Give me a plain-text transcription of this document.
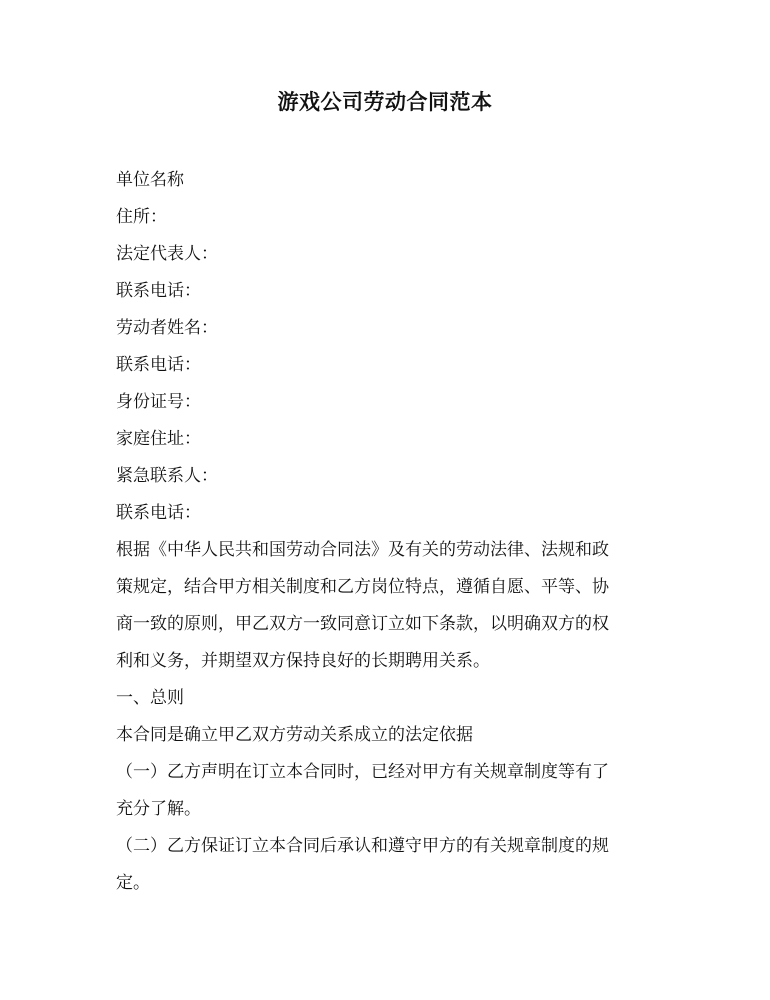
游戏公司劳动合同范本

单位名称

住所：

法定代表人：

联系电话：

劳动者姓名：

联系电话：

身份证号：

家庭住址：

紧急联系人：

联系电话：

根据《中华人民共和国劳动合同法》及有关的劳动法律、法规和政
策规定，结合甲方相关制度和乙方岗位特点，遵循自愿、平等、协
商一致的原则，甲乙双方一致同意订立如下条款，以明确双方的权
利和义务，并期望双方保持良好的长期聘用关系。

一、总则

本合同是确立甲乙双方劳动关系成立的法定依据

（一）乙方声明在订立本合同时，已经对甲方有关规章制度等有了
充分了解。

（二）乙方保证订立本合同后承认和遵守甲方的有关规章制度的规
定。
